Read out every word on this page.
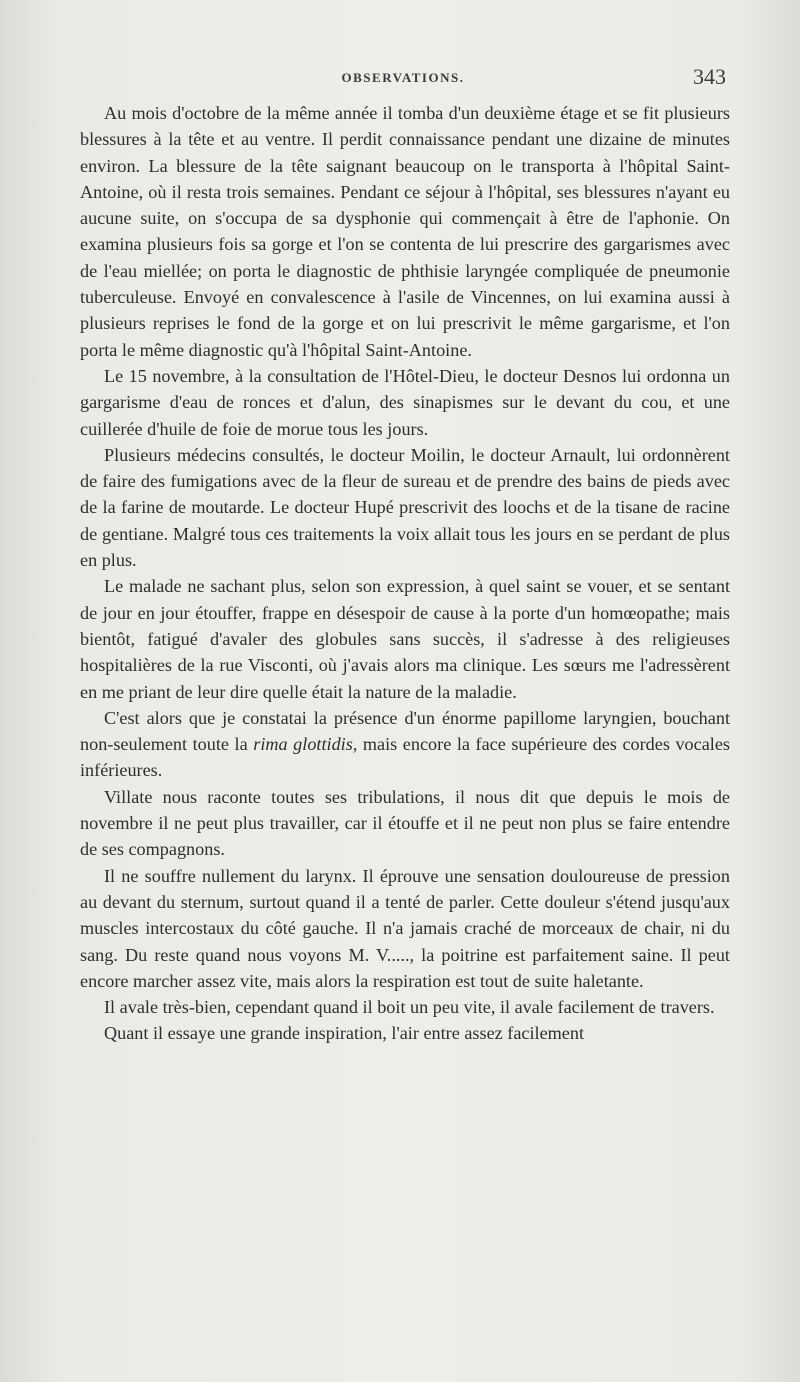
OBSERVATIONS.	343

Au mois d'octobre de la même année il tomba d'un deuxième étage et se fit plusieurs blessures à la tête et au ventre. Il perdit connaissance pendant une dizaine de minutes environ. La blessure de la tête saignant beaucoup on le transporta à l'hôpital Saint-Antoine, où il resta trois semaines. Pendant ce séjour à l'hôpital, ses blessures n'ayant eu aucune suite, on s'occupa de sa dysphonie qui commençait à être de l'aphonie. On examina plusieurs fois sa gorge et l'on se contenta de lui prescrire des gargarismes avec de l'eau miellée; on porta le diagnostic de phthisie laryngée compliquée de pneumonie tuberculeuse. Envoyé en convalescence à l'asile de Vincennes, on lui examina aussi à plusieurs reprises le fond de la gorge et on lui prescrivit le même gargarisme, et l'on porta le même diagnostic qu'à l'hôpital Saint-Antoine.

Le 15 novembre, à la consultation de l'Hôtel-Dieu, le docteur Desnos lui ordonna un gargarisme d'eau de ronces et d'alun, des sinapismes sur le devant du cou, et une cuillerée d'huile de foie de morue tous les jours.

Plusieurs médecins consultés, le docteur Moilin, le docteur Arnault, lui ordonnèrent de faire des fumigations avec de la fleur de sureau et de prendre des bains de pieds avec de la farine de moutarde. Le docteur Hupé prescrivit des loochs et de la tisane de racine de gentiane. Malgré tous ces traitements la voix allait tous les jours en se perdant de plus en plus.

Le malade ne sachant plus, selon son expression, à quel saint se vouer, et se sentant de jour en jour étouffer, frappe en désespoir de cause à la porte d'un homœopathe; mais bientôt, fatigué d'avaler des globules sans succès, il s'adresse à des religieuses hospitalières de la rue Visconti, où j'avais alors ma clinique. Les sœurs me l'adressèrent en me priant de leur dire quelle était la nature de la maladie.

C'est alors que je constatai la présence d'un énorme papillome laryngien, bouchant non-seulement toute la rima glottidis, mais encore la face supérieure des cordes vocales inférieures.

Villate nous raconte toutes ses tribulations, il nous dit que depuis le mois de novembre il ne peut plus travailler, car il étouffe et il ne peut non plus se faire entendre de ses compagnons.

Il ne souffre nullement du larynx. Il éprouve une sensation douloureuse de pression au devant du sternum, surtout quand il a tenté de parler. Cette douleur s'étend jusqu'aux muscles intercostaux du côté gauche. Il n'a jamais craché de morceaux de chair, ni du sang. Du reste quand nous voyons M. V....., la poitrine est parfaitement saine. Il peut encore marcher assez vite, mais alors la respiration est tout de suite haletante.

Il avale très-bien, cependant quand il boit un peu vite, il avale facilement de travers.

Quant il essaye une grande inspiration, l'air entre assez facilement
